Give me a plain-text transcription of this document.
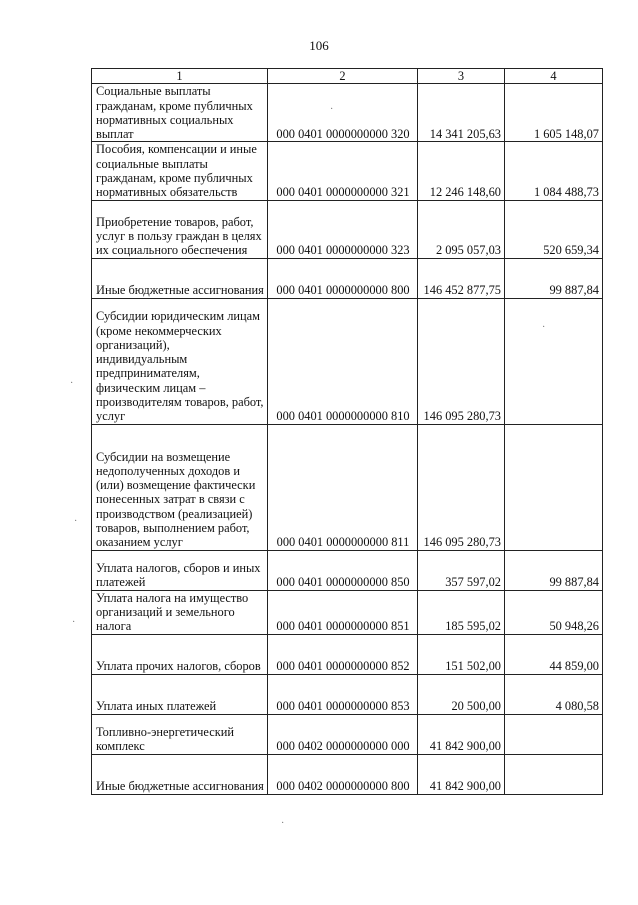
106
1	2	3	4
Социальные выплаты гражданам, кроме публичных нормативных социальных выплат	000 0401 0000000000 320	14 341 205,63	1 605 148,07
Пособия, компенсации и иные социальные выплаты гражданам, кроме публичных нормативных обязательств	000 0401 0000000000 321	12 246 148,60	1 084 488,73
Приобретение товаров, работ, услуг в пользу граждан в целях их социального обеспечения	000 0401 0000000000 323	2 095 057,03	520 659,34
Иные бюджетные ассигнования	000 0401 0000000000 800	146 452 877,75	99 887,84
Субсидии юридическим лицам (кроме некоммерческих организаций), индивидуальным предпринимателям, физическим лицам – производителям товаров, работ, услуг	000 0401 0000000000 810	146 095 280,73	
Субсидии на возмещение недополученных доходов и (или) возмещение фактически понесенных затрат в связи с производством (реализацией) товаров, выполнением работ, оказанием услуг	000 0401 0000000000 811	146 095 280,73	
Уплата налогов, сборов и иных платежей	000 0401 0000000000 850	357 597,02	99 887,84
Уплата налога на имущество организаций и земельного налога	000 0401 0000000000 851	185 595,02	50 948,26
Уплата прочих налогов, сборов	000 0401 0000000000 852	151 502,00	44 859,00
Уплата иных платежей	000 0401 0000000000 853	20 500,00	4 080,58
Топливно-энергетический комплекс	000 0402 0000000000 000	41 842 900,00	
Иные бюджетные ассигнования	000 0402 0000000000 800	41 842 900,00	
·
·
·
·
·
·
